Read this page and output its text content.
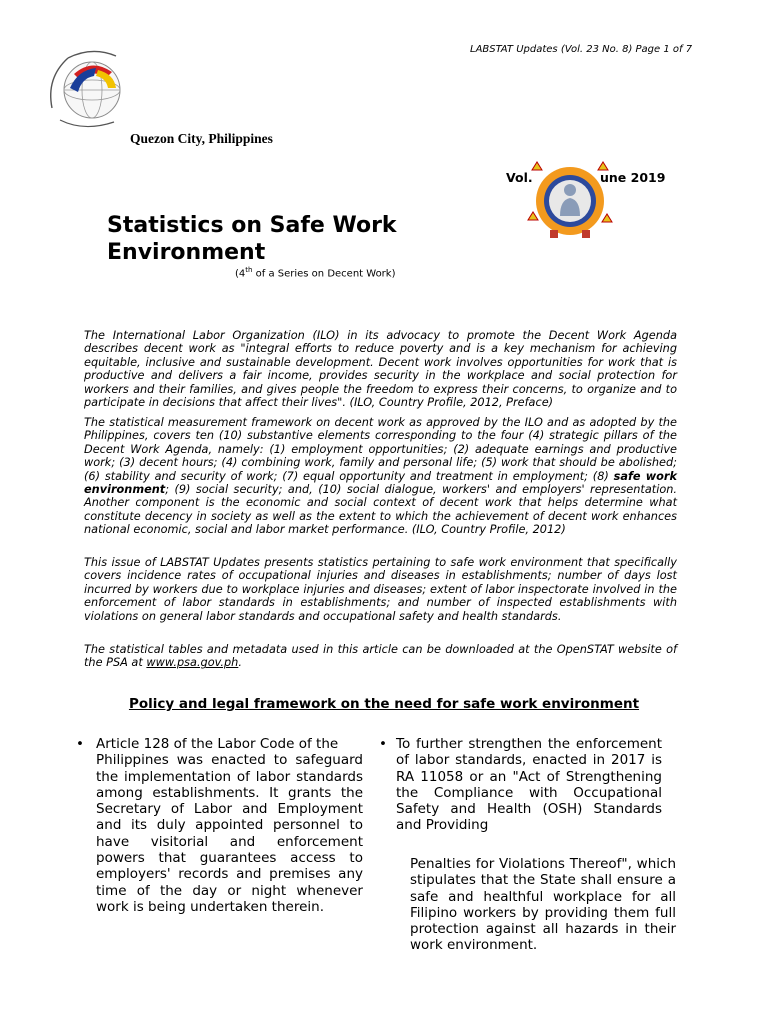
LABSTAT Updates (Vol. 23 No. 8) Page 1 of 7
Quezon City, Philippines
Vol.	une 2019
Statistics on Safe Work
Environment
(4th of a Series on Decent Work)
The International Labor Organization (ILO) in its advocacy to promote the Decent Work Agenda describes decent work as "integral efforts to reduce poverty and is a key mechanism for achieving equitable, inclusive and sustainable development. Decent work involves opportunities for work that is productive and delivers a fair income, provides security in the workplace and social protection for workers and their families, and gives people the freedom to express their concerns, to organize and to participate in decisions that affect their lives". (ILO, Country Profile, 2012, Preface)
The statistical measurement framework on decent work as approved by the ILO and as adopted by the Philippines, covers ten (10) substantive elements corresponding to the four (4) strategic pillars of the Decent Work Agenda, namely: (1) employment opportunities; (2) adequate earnings and productive work; (3) decent hours; (4) combining work, family and personal life; (5) work that should be abolished; (6) stability and security of work; (7) equal opportunity and treatment in employment; (8) safe work environment; (9) social security; and, (10) social dialogue, workers' and employers' representation. Another component is the economic and social context of decent work that helps determine what constitute decency in society as well as the extent to which the achievement of decent work enhances national economic, social and labor market performance. (ILO, Country Profile, 2012)
This issue of LABSTAT Updates presents statistics pertaining to safe work environment that specifically covers incidence rates of occupational injuries and diseases in establishments; number of days lost incurred by workers due to workplace injuries and diseases; extent of labor inspectorate involved in the enforcement of labor standards in establishments; and number of inspected establishments with violations on general labor standards and occupational safety and health standards.
The statistical tables and metadata used in this article can be downloaded at the OpenSTAT website of the PSA at www.psa.gov.ph.
Policy and legal framework on the need for safe work environment
• Article 128 of the Labor Code of the
Philippines was enacted to safeguard the implementation of labor standards among establishments. It grants the Secretary of Labor and Employment and its duly appointed personnel to have visitorial and enforcement powers that guarantees access to employers' records and premises any time of the day or night whenever work is being undertaken therein.
• To further strengthen the enforcement of labor standards, enacted in 2017 is RA 11058 or an "Act of Strengthening the Compliance with Occupational Safety and Health (OSH) Standards and Providing
Penalties for Violations Thereof", which stipulates that the State shall ensure a safe and healthful workplace for all Filipino workers by providing them full protection against all hazards in their work environment.
